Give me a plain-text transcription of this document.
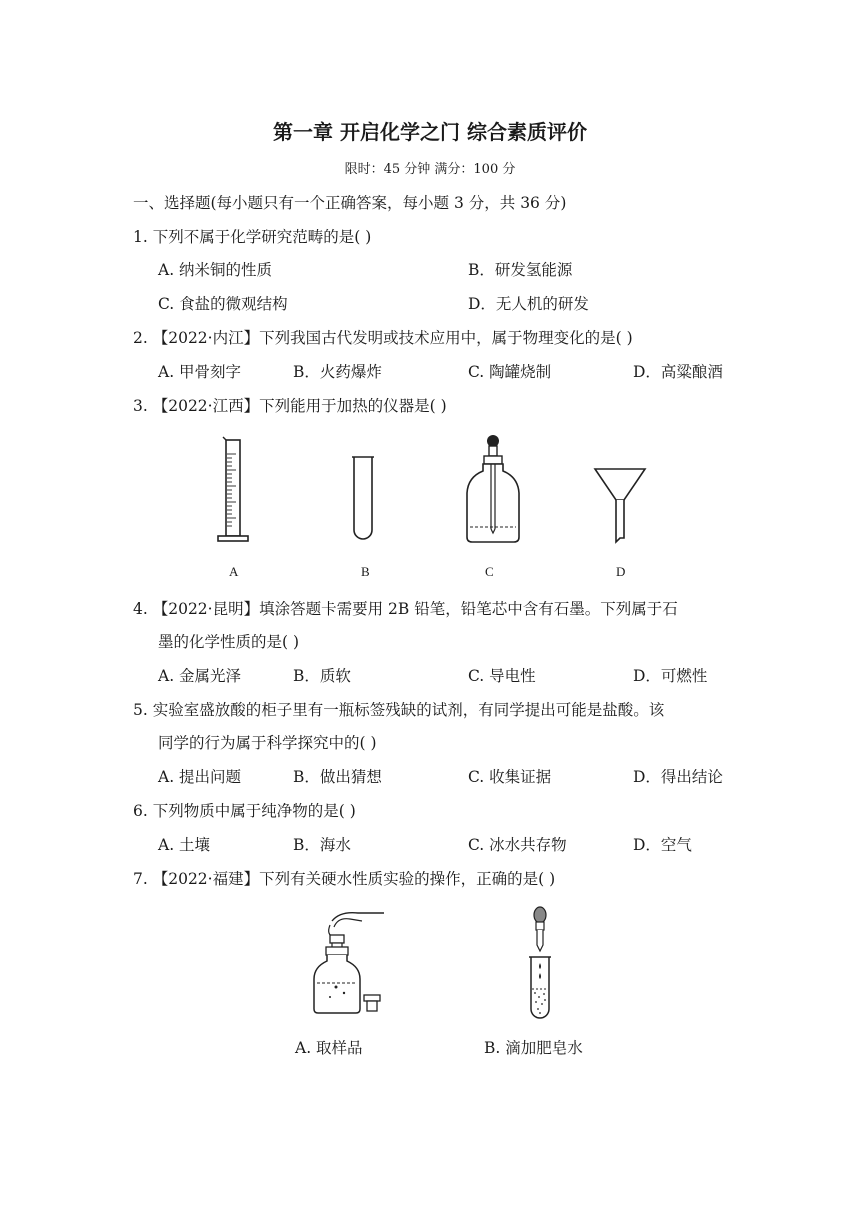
第一章 开启化学之门 综合素质评价
限时：45 分钟 满分：100 分
一、选择题(每小题只有一个正确答案，每小题 3 分，共 36 分)
1. 下列不属于化学研究范畴的是( )
A. 纳米铜的性质	B．研发氢能源
C. 食盐的微观结构	D．无人机的研发
2. 【2022·内江】下列我国古代发明或技术应用中，属于物理变化的是( )
A. 甲骨刻字	B．火药爆炸	C. 陶罐烧制	D．高粱酿酒
3. 【2022·江西】下列能用于加热的仪器是( )
A	B	C	D
4. 【2022·昆明】填涂答题卡需要用 2B 铅笔，铅笔芯中含有石墨。下列属于石
墨的化学性质的是( )
A. 金属光泽	B．质软	C. 导电性	D．可燃性
5. 实验室盛放酸的柜子里有一瓶标签残缺的试剂，有同学提出可能是盐酸。该
同学的行为属于科学探究中的( )
A. 提出问题	B．做出猜想	C. 收集证据	D．得出结论
6. 下列物质中属于纯净物的是( )
A. 土壤	B．海水	C. 冰水共存物	D．空气
7. 【2022·福建】下列有关硬水性质实验的操作，正确的是( )
A. 取样品	B. 滴加肥皂水
